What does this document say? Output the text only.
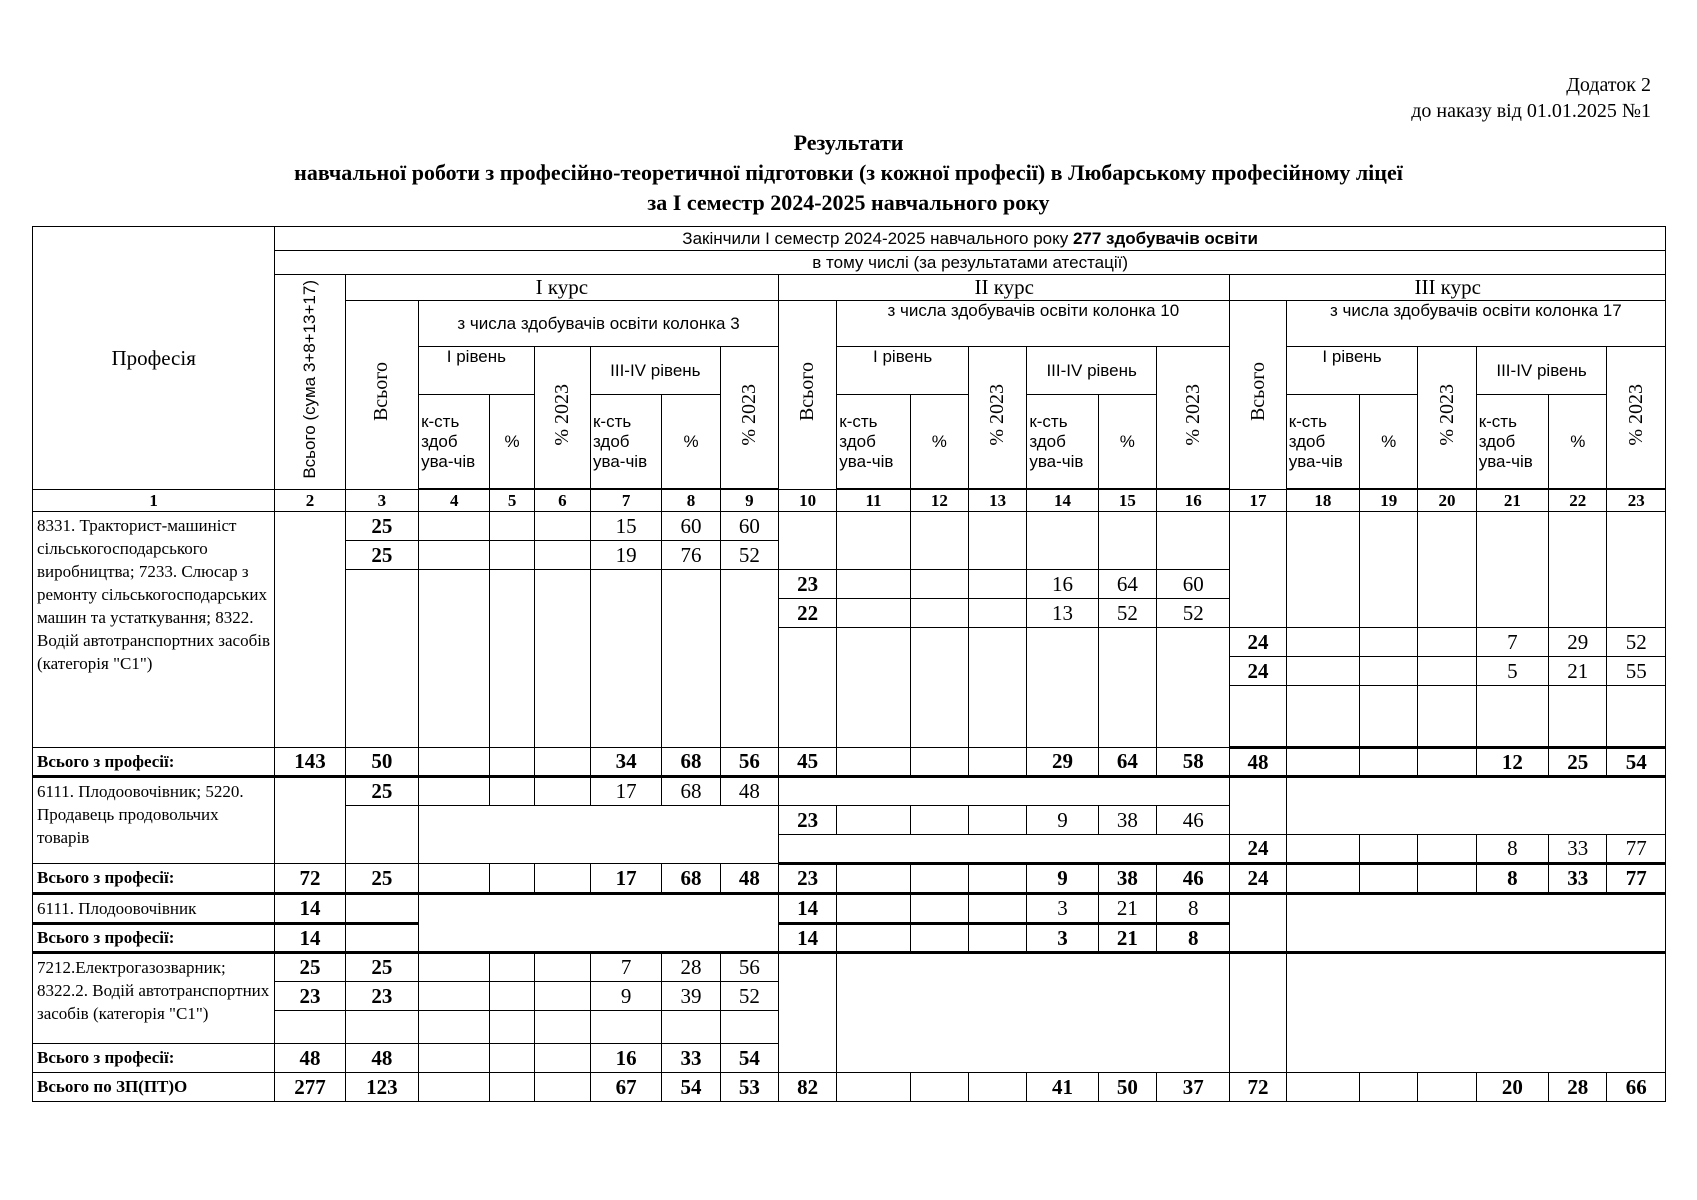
Додаток 2
до наказу від 01.01.2025 №1
Результати
навчальної роботи з професійно-теоретичної підготовки (з кожної професії) в Любарському професійному ліцеї
за I семестр 2024-2025 навчального року
Професія	Закінчили I семестр 2024-2025 навчального року 277 здобувачів освіти																					
	в тому числі (за результатами атестації)																					
	Всього (сума 3+8+13+17)	I курс							II курс							III курс						
		Всього	з числа здобувачів освіти колонка 3						Всього	з числа здобувачів освіти колонка 10						Всього	з числа здобувачів освіти колонка 17					
			I рівень		% 2023	III-IV рівень		% 2023		I рівень		% 2023	III-IV рівень		% 2023		I рівень		% 2023	III-IV рівень		% 2023
			к-сть здоб ува-чів	%		к-сть здоб ува-чів	%			к-сть здоб ува-чів	%		к-сть здоб ува-чів	%			к-сть здоб ува-чів	%		к-сть здоб ува-чів	%	

1	2	3	4	5	6	7	8	9	10	11	12	13	14	15	16	17	18	19	20	21	22	23
8331. Тракторист-машиніст сільськогосподарського виробництва; 7233. Слюсар з ремонту сільськогосподарських машин та устаткування; 8322. Водій автотранспортних засобів (категорія "С1")		25				15	60	60														
		25				19	76	52														
									23				16	64	60							
									22				13	52	52							
																24				7	29	52
																24				5	21	55

Всього з професії:	143	50				34	68	56	45				29	64	58	48				12	25	54
6111. Плодоовочівник; 5220. Продавець продовольчих товарів		25				17	68	48														
									23				9	38	46							
																24				8	33	77
Всього з професії:	72	25				17	68	48	23				9	38	46	24				8	33	77
6111. Плодоовочівник	14								14				3	21	8							
Всього з професії:	14								14				3	21	8							
7212.Електрогазозварник; 8322.2. Водій автотранспортних засобів (категорія "С1")	25	25				7	28	56														
	23	23				9	39	52														

Всього з професії:	48	48				16	33	54														
Всього по ЗП(ПТ)О	277	123				67	54	53	82				41	50	37	72				20	28	66
